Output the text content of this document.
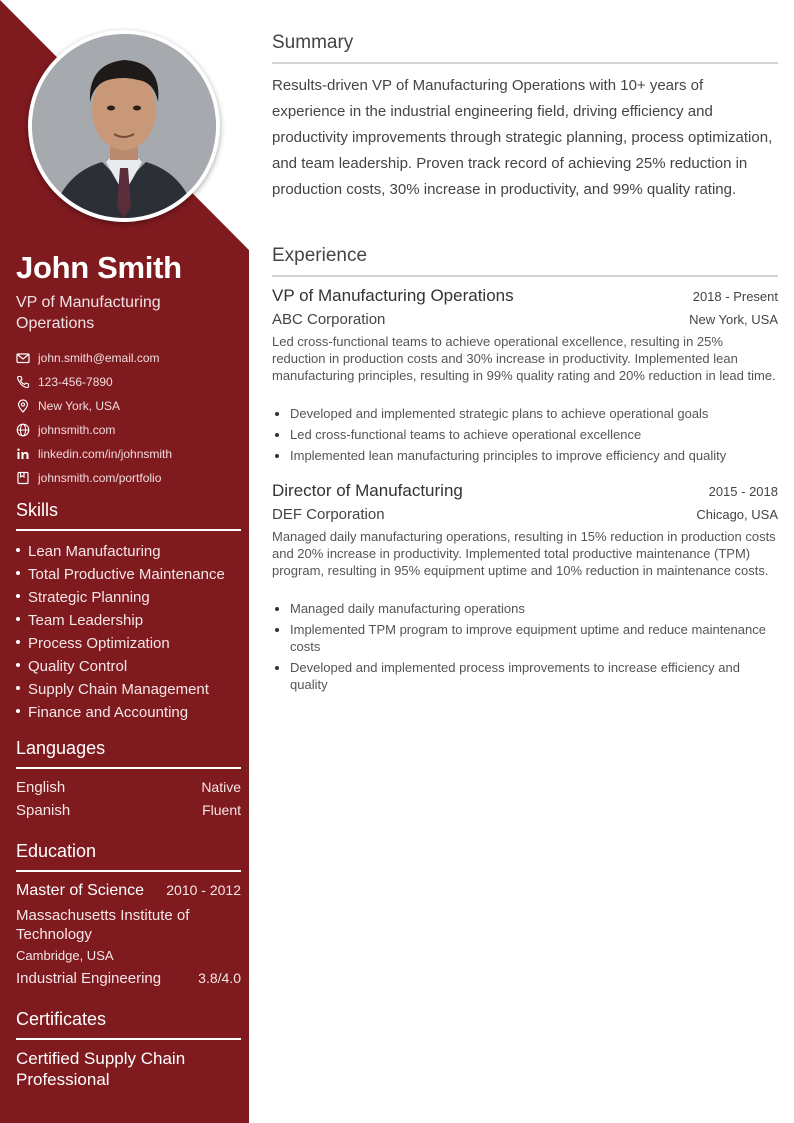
John Smith
VP of Manufacturing Operations
john.smith@email.com
123-456-7890
New York, USA
johnsmith.com
linkedin.com/in/johnsmith
johnsmith.com/portfolio
Skills
Lean Manufacturing
Total Productive Maintenance
Strategic Planning
Team Leadership
Process Optimization
Quality Control
Supply Chain Management
Finance and Accounting
Languages
English	Native
Spanish	Fluent
Education
Master of Science 2010 - 2012
Massachusetts Institute of Technology
Cambridge, USA
Industrial Engineering	3.8/4.0
Certificates
Certified Supply Chain Professional
Summary
Results-driven VP of Manufacturing Operations with 10+ years of experience in the industrial engineering field, driving efficiency and productivity improvements through strategic planning, process optimization, and team leadership. Proven track record of achieving 25% reduction in production costs, 30% increase in productivity, and 99% quality rating.
Experience
VP of Manufacturing Operations	2018 - Present
ABC Corporation	New York, USA
Led cross-functional teams to achieve operational excellence, resulting in 25% reduction in production costs and 30% increase in productivity. Implemented lean manufacturing principles, resulting in 99% quality rating and 20% reduction in lead time.
Developed and implemented strategic plans to achieve operational goals
Led cross-functional teams to achieve operational excellence
Implemented lean manufacturing principles to improve efficiency and quality
Director of Manufacturing	2015 - 2018
DEF Corporation	Chicago, USA
Managed daily manufacturing operations, resulting in 15% reduction in production costs and 20% increase in productivity. Implemented total productive maintenance (TPM) program, resulting in 95% equipment uptime and 10% reduction in maintenance costs.
Managed daily manufacturing operations
Implemented TPM program to improve equipment uptime and reduce maintenance costs
Developed and implemented process improvements to increase efficiency and quality
